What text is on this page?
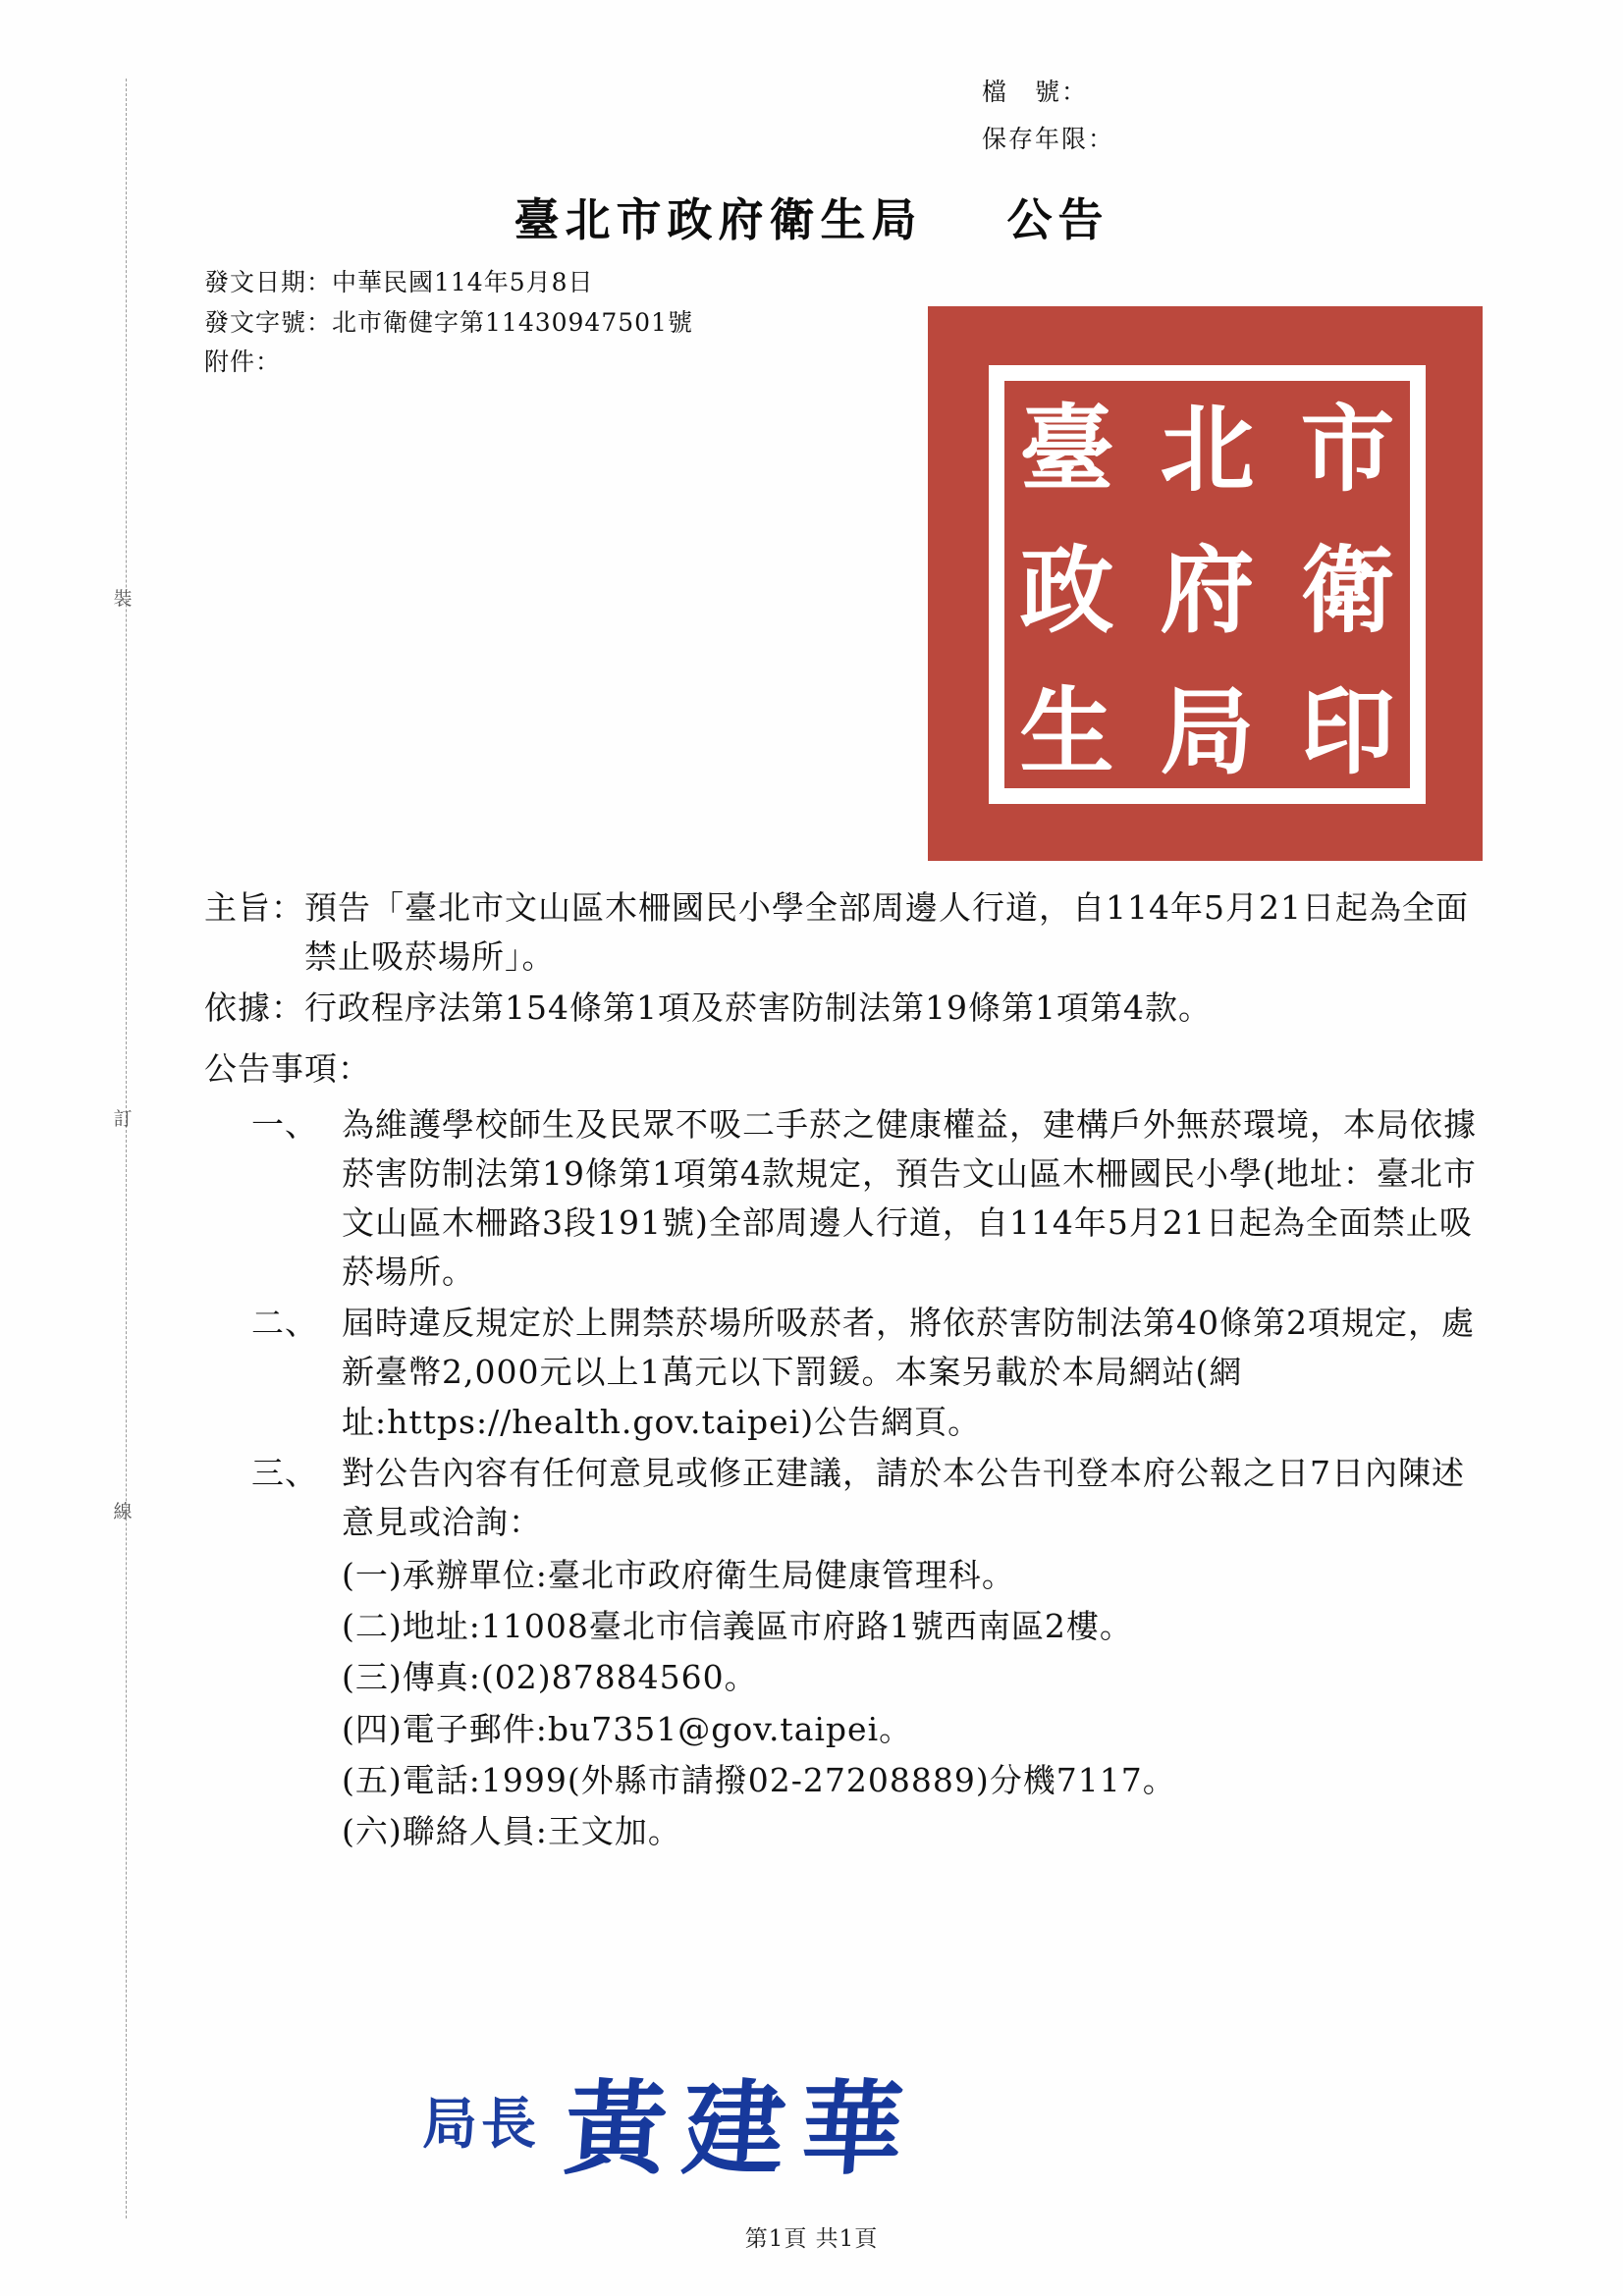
裝
訂
線
檔　號：
保存年限：
臺北市政府衛生局 公告
發文日期：中華民國114年5月8日
發文字號：北市衛健字第11430947501號
附件：
臺 北 市
政 府 衛
生 局 印
主旨： 預告「臺北市文山區木柵國民小學全部周邊人行道，自114年5月21日起為全面禁止吸菸場所」。
依據： 行政程序法第154條第1項及菸害防制法第19條第1項第4款。
公告事項：
一、 為維護學校師生及民眾不吸二手菸之健康權益，建構戶外無菸環境，本局依據菸害防制法第19條第1項第4款規定，預告文山區木柵國民小學(地址：臺北市文山區木柵路3段191號)全部周邊人行道，自114年5月21日起為全面禁止吸菸場所。
二、 屆時違反規定於上開禁菸場所吸菸者，將依菸害防制法第40條第2項規定，處新臺幣2,000元以上1萬元以下罰鍰。本案另載於本局網站(網址:https://health.gov.taipei)公告網頁。
三、 對公告內容有任何意見或修正建議，請於本公告刊登本府公報之日7日內陳述意見或洽詢：
(一)承辦單位:臺北市政府衛生局健康管理科。
(二)地址:11008臺北市信義區市府路1號西南區2樓。
(三)傳真:(02)87884560。
(四)電子郵件:bu7351@gov.taipei。
(五)電話:1999(外縣市請撥02-27208889)分機7117。
(六)聯絡人員:王文加。
局長 黃建華
第1頁 共1頁
